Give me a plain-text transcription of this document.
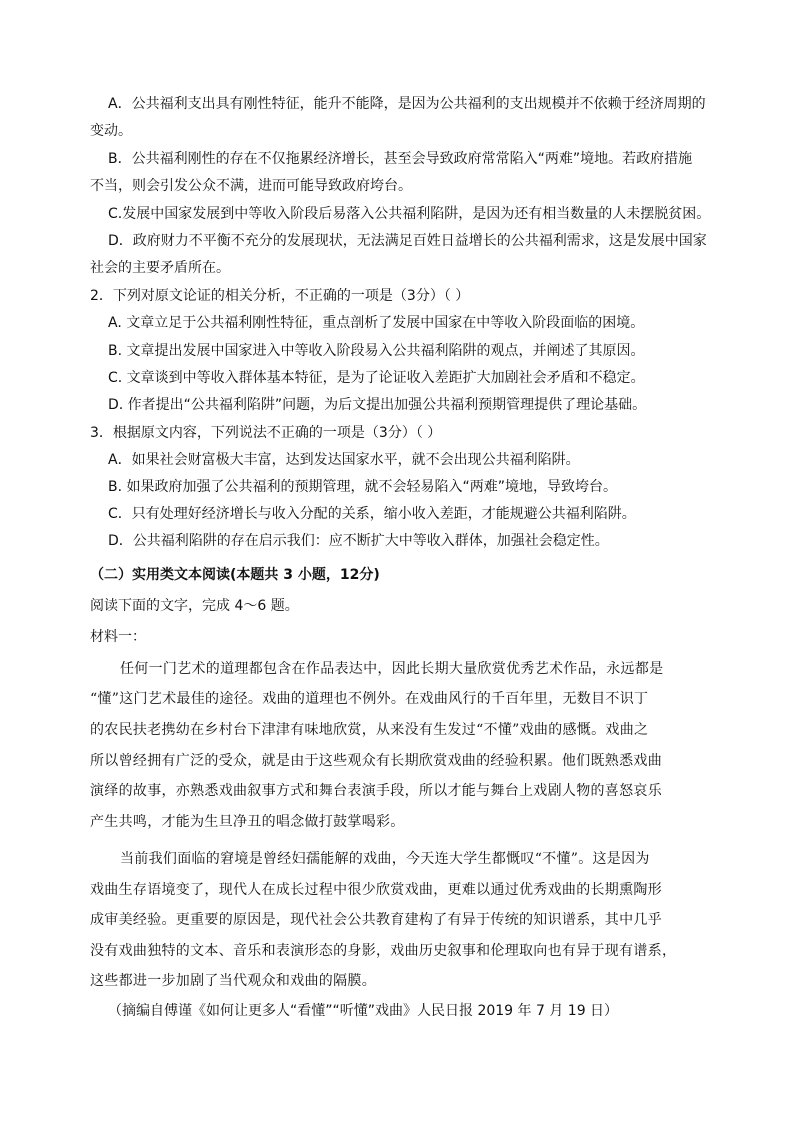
A．公共福利支出具有刚性特征，能升不能降，是因为公共福利的支出规模并不依赖于经济周期的
变动。
B．公共福利刚性的存在不仅拖累经济增长，甚至会导致政府常常陷入“两难”境地。若政府措施
不当，则会引发公众不满，进而可能导致政府垮台。
C.发展中国家发展到中等收入阶段后易落入公共福利陷阱，是因为还有相当数量的人未摆脱贫困。
D．政府财力不平衡不充分的发展现状，无法满足百姓日益增长的公共福利需求，这是发展中国家
社会的主要矛盾所在。
2．下列对原文论证的相关分析，不正确的一项是（3分）（ ）
A. 文章立足于公共福利刚性特征，重点剖析了发展中国家在中等收入阶段面临的困境。
B. 文章提出发展中国家进入中等收入阶段易入公共福利陷阱的观点，并阐述了其原因。
C. 文章谈到中等收入群体基本特征，是为了论证收入差距扩大加剧社会矛盾和不稳定。
D. 作者提出“公共福利陷阱”问题，为后文提出加强公共福利预期管理提供了理论基础。
3．根据原文内容，下列说法不正确的一项是（3分）（ ）
A．如果社会财富极大丰富，达到发达国家水平，就不会出现公共福利陷阱。
B. 如果政府加强了公共福利的预期管理，就不会轻易陷入“两难”境地，导致垮台。
C．只有处理好经济增长与收入分配的关系，缩小收入差距，才能规避公共福利陷阱。
D．公共福利陷阱的存在启示我们：应不断扩大中等收入群体，加强社会稳定性。
（二）实用类文本阅读(本题共 3 小题，12分)
阅读下面的文字，完成 4～6 题。
材料一：
任何一门艺术的道理都包含在作品表达中，因此长期大量欣赏优秀艺术作品，永远都是
“懂”这门艺术最佳的途径。戏曲的道理也不例外。在戏曲风行的千百年里，无数目不识丁
的农民扶老携幼在乡村台下津津有味地欣赏，从来没有生发过“不懂”戏曲的感慨。戏曲之
所以曾经拥有广泛的受众，就是由于这些观众有长期欣赏戏曲的经验积累。他们既熟悉戏曲
演绎的故事，亦熟悉戏曲叙事方式和舞台表演手段，所以才能与舞台上戏剧人物的喜怒哀乐
产生共鸣，才能为生旦净丑的唱念做打鼓掌喝彩。
当前我们面临的窘境是曾经妇孺能解的戏曲，今天连大学生都慨叹“不懂”。这是因为
戏曲生存语境变了，现代人在成长过程中很少欣赏戏曲，更难以通过优秀戏曲的长期熏陶形
成审美经验。更重要的原因是，现代社会公共教育建构了有异于传统的知识谱系，其中几乎
没有戏曲独特的文本、音乐和表演形态的身影，戏曲历史叙事和伦理取向也有异于现有谱系，
这些都进一步加剧了当代观众和戏曲的隔膜。
（摘编自傅谨《如何让更多人“看懂”“听懂”戏曲》人民日报 2019 年 7 月 19 日）
